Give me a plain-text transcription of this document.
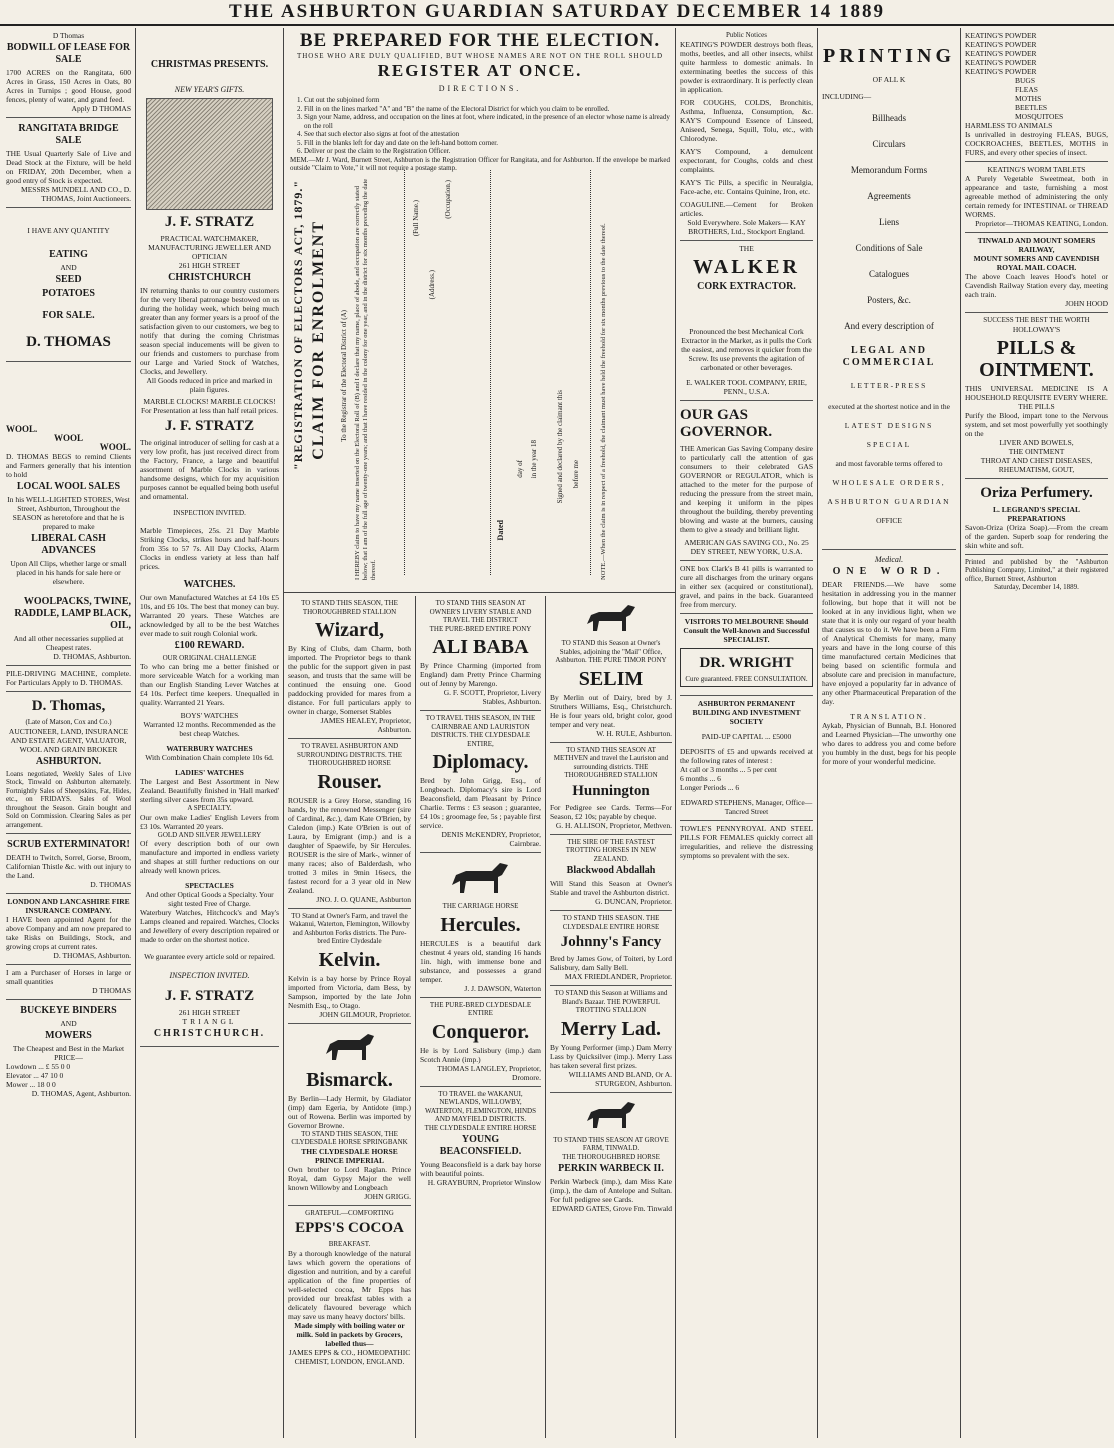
THE ASHBURTON GUARDIAN SATURDAY DECEMBER 14 1889
D Thomas
BODWILL OF LEASE FOR SALE
1700 ACRES on the Rangitata, 600 Acres in Grass, 150 Acres in Oats, 80 Acres in Turnips ; good House, good fences, plenty of water, and grand feed.
Apply D THOMAS
RANGITATA BRIDGE SALE
THE Usual Quarterly Sale of Live and Dead Stock at the Fixture, will be held on FRIDAY, 20th December, when a good entry of Stock is expected.
MESSRS MUNDELL AND CO., D. THOMAS, Joint Auctioneers.
I HAVE ANY QUANTITY
EATING
AND
SEED
POTATOES
FOR SALE.
D. THOMAS
WOOL.
WOOL
WOOL.
D. THOMAS BEGS to remind Clients and Farmers generally that his intention to hold
LOCAL WOOL SALES
In his WELL-LIGHTED STORES, West Street, Ashburton, Throughout the SEASON as heretofore and that he is prepared to make
LIBERAL CASH ADVANCES
Upon All Clips, whether large or small placed in his hands for sale here or elsewhere.
WOOLPACKS, TWINE, RADDLE, LAMP BLACK, OIL,
And all other necessaries supplied at Cheapest rates.
D. THOMAS, Ashburton.
PILE-DRIVING MACHINE, complete. For Particulars Apply to D. THOMAS.
D. Thomas,
(Late of Matson, Cox and Co.)
AUCTIONEER, LAND, INSURANCE AND ESTATE AGENT, VALUATOR, WOOL AND GRAIN BROKER
ASHBURTON.
Loans negotiated, Weekly Sales of Live Stock, Tinwald on Ashburton alternately. Fortnightly Sales of Sheepskins, Fat, Hides, etc., on FRIDAYS. Sales of Wool throughout the Season. Grain bought and Sold on Commission. Clearing Sales as per arrangement.
SCRUB EXTERMINATOR!
DEATH to Twitch, Sorrel, Gorse, Broom, Californian Thistle &c. with out injury to the Land.
D. THOMAS
LONDON AND LANCASHIRE FIRE INSURANCE COMPANY.
I HAVE been appointed Agent for the above Company and am now prepared to take Risks on Buildings, Stock, and growing crops at current rates.
D. THOMAS, Ashburton.
I am a Purchaser of Horses in large or small quantities
D THOMAS
BUCKEYE BINDERS
AND
MOWERS
The Cheapest and Best in the Market
PRICE—
Lowdown ... £ 55 0 0
Elevator ... 47 10 0
Mower ... 18 0 0
D. THOMAS, Agent, Ashburton.
CHRISTMAS PRESENTS.
NEW YEAR'S GIFTS.
J. F. STRATZ
PRACTICAL WATCHMAKER, MANUFACTURING JEWELLER AND OPTICIAN
261 HIGH STREET
CHRISTCHURCH
IN returning thanks to our country customers for the very liberal patronage bestowed on us during the holiday week, which being much greater than any former years is a proof of the satisfaction given to our customers, we beg to notify that during the coming Christmas season special inducements will be given to our friends and customers to purchase from our Large and Varied Stock of Watches, Clocks, and Jewellery.
All Goods reduced in price and marked in plain figures.
MARBLE CLOCKS! MARBLE CLOCKS!
For Presentation at less than half retail prices.
J. F. STRATZ
The original introducer of selling for cash at a very low profit, has just received direct from the Factory, France, a large and beautiful assortment of Marble Clocks in various handsome designs, which for my acquisition purposes cannot be equalled being both useful and ornamental.
INSPECTION INVITED.
Marble Timepieces, 25s. 21 Day Marble Striking Clocks, strikes hours and half-hours from 35s to 57 7s. All Day Clocks, Alarm Clocks in endless variety at less than half prices.
WATCHES.
Our own Manufactured Watches at £4 10s £5 10s, and £6 10s. The best that money can buy. Warranted 20 years. These Watches are acknowledged by all to be the best Watches ever made to suit rough Colonial work.
£100 REWARD.
OUR ORIGINAL CHALLENGE
To who can bring me a better finished or more serviceable Watch for a working man than our English Standing Lever Watches at £4 10s. Perfect time keepers. Unequalled in quality. Warranted 21 Years.
BOYS' WATCHES
Warranted 12 months. Recommended as the best cheap Watches.
WATERBURY WATCHES
With Combination Chain complete 10s 6d.
LADIES' WATCHES
The Largest and Best Assortment in New Zealand. Beautifully finished in 'Hall marked' sterling silver cases from 35s upward.
A SPECIALTY.
Our own make Ladies' English Levers from £3 10s. Warranted 20 years.
GOLD AND SILVER JEWELLERY
Of every description both of our own manufacture and imported in endless variety and shapes at still further reductions on our already well known prices.
SPECTACLES
And other Optical Goods a Specialty. Your sight tested Free of Charge.
Waterbury Watches, Hitchcock's and May's Lamps cleaned and repaired. Watches, Clocks and Jewellery of every description repaired or made to order on the shortest notice.
We guarantee every article sold or repaired.
INSPECTION INVITED.
J. F. STRATZ
261 HIGH STREET
TRIANGL
CHRISTCHURCH.
BE PREPARED FOR THE ELECTION.
THOSE WHO ARE DULY QUALIFIED, BUT WHOSE NAMES ARE NOT ON THE ROLL SHOULD
REGISTER AT ONCE.
DIRECTIONS.
1. Cut out the subjoined form
2. Fill in on the lines marked "A" and "B" the name of the Electoral District for which you claim to be enrolled.
3. Sign your Name, address, and occupation on the lines at foot, where indicated, in the presence of an elector whose name is already on the roll
4. See that such elector also signs at foot of the attestation
5. Fill in the blanks left for day and date on the left-hand bottom corner.
6. Deliver or post the claim to the Registration Officer.
MEM.—Mr J. Ward, Burnett Street, Ashburton is the Registration Officer for Rangitata, and for Ashburton. If the envelope be marked outside "Claim to Vote," it will not require a postage stamp.
"REGISTRATION OF ELECTORS ACT, 1879." CLAIM FOR ENROLMENT To the Registrar of the Electoral District of (A) I HEREBY claim to have my name inserted on the Electoral Roll of (B) and I declare that my name, place of abode, and occupation are correctly stated below; that I am of the full age of twenty-one years; and that I have resided in the colony for one year, and in the district for six months preceding the date thereof.
(Full Name.)
(Address.)
(Occupation.)
Dated
day of in the year 18	Signed and declared by the claimant this before me	NOTE.—When the claim is in respect of a freehold, the claimant must have held the freehold for six months previous to the date thereof.
TO STAND THIS SEASON, THE THOROUGHBRED STALLION
Wizard,
By King of Clubs, dam Charm, both imported. The Proprietor begs to thank the public for the support given in past season, and trusts that the same will be continued the ensuing one. Good paddocking provided for mares from a distance. For full particulars apply to owner in charge, Somerset Stables
JAMES HEALEY, Proprietor, Ashburton.
TO TRAVEL ASHBURTON AND SURROUNDING DISTRICTS. THE THOROUGHBRED HORSE
Rouser.
ROUSER is a Grey Horse, standing 16 hands, by the renowned Messenger (sire of Cardinal, &c.), dam Kate O'Brien, by Caledon (imp.) Kate O'Brien is out of Laura, by Emigrant (imp.) and is a daughter of Spaewife, by Sir Hercules. ROUSER is the sire of Mark-, winner of many races; also of Balderdash, who trotted 3 miles in 9min 16secs, the fastest record for a 3 year old in New Zealand.
JNO. J. O. QUANE, Ashburton
TO Stand at Owner's Farm, and travel the Wakanui, Waterton, Flemington, Willowby and Ashburton Forks districts. The Pure-bred Entire Clydesdale
Kelvin.
Kelvin is a bay horse by Prince Royal imported from Victoria, dam Bess, by Sampson, imported by the late John Nesmith Esq., to Otago.
JOHN GILMOUR, Proprietor.
Bismarck.
By Berlin—Lady Hermit, by Gladiator (imp) dam Egeria, by Antidote (imp.) out of Rowena. Berlin was imported by Governor Browne.
TO STAND THIS SEASON, THE CLYDESDALE HORSE SPRINGBANK
THE CLYDESDALE HORSE PRINCE IMPERIAL
Own brother to Lord Raglan. Prince Royal, dam Gypsy Major the well known Willowby and Longbeach
JOHN GRIGG.
GRATEFUL—COMFORTING
EPPS'S COCOA
BREAKFAST.
By a thorough knowledge of the natural laws which govern the operations of digestion and nutrition, and by a careful application of the fine properties of well-selected cocoa, Mr Epps has provided our breakfast tables with a delicately flavoured beverage which may save us many heavy doctors' bills.
Made simply with boiling water or milk. Sold in packets by Grocers, labelled thus—
JAMES EPPS & CO., HOMEOPATHIC CHEMIST, LONDON, ENGLAND.
TO STAND THIS SEASON AT OWNER'S LIVERY STABLE AND TRAVEL THE DISTRICT
THE PURE-BRED ENTIRE PONY
ALI BABA
By Prince Charming (imported from England) dam Pretty Prince Charming out of Jenny by Marengo.
G. F. SCOTT, Proprietor, Livery Stables, Ashburton.
TO TRAVEL THIS SEASON, IN THE CAIRNBRAE AND LAURISTON DISTRICTS. THE CLYDESDALE ENTIRE,
Diplomacy.
Bred by John Grigg, Esq., of Longbeach. Diplomacy's sire is Lord Beaconsfield, dam Pleasant by Prince Charlie. Terms : £3 season ; guarantee, £4 10s ; groomage fee, 5s ; payable first service.
DENIS McKENDRY, Proprietor, Cairnbrae.
THE CARRIAGE HORSE
Hercules.
HERCULES is a beautiful dark chestnut 4 years old, standing 16 hands 1in. high, with immense bone and substance, and possesses a grand temper.
J. J. DAWSON, Waterton
THE PURE-BRED CLYDESDALE ENTIRE
Conqueror.
He is by Lord Salisbury (imp.) dam Scotch Annie (imp.)
THOMAS LANGLEY, Proprietor, Dromore.
TO TRAVEL the WAKANUI, NEWLANDS, WILLOWBY, WATERTON, FLEMINGTON, HINDS AND MAYFIELD DISTRICTS.
THE CLYDESDALE ENTIRE HORSE
YOUNG BEACONSFIELD.
Young Beaconsfield is a dark bay horse with beautiful points.
H. GRAYBURN, Proprietor Winslow
TO STAND this Season at Owner's Stables, adjoining the "Mail" Office, Ashburton. THE PURE TIMOR PONY
SELIM
By Merlin out of Dairy, bred by J. Struthers Williams, Esq., Christchurch. He is four years old, bright color, good temper and very neat.
W. H. RULE, Ashburton.
TO STAND THIS SEASON AT METHVEN and travel the Lauriston and surrounding districts. THE THOROUGHBRED STALLION
Hunnington
For Pedigree see Cards. Terms—For Season, £2 10s; payable by cheque.
G. H. ALLISON, Proprietor, Methven.
THE SIRE OF THE FASTEST TROTTING HORSES IN NEW ZEALAND.
Blackwood Abdallah
Will Stand this Season at Owner's Stable and travel the Ashburton district.
G. DUNCAN, Proprietor.
TO STAND THIS SEASON. THE CLYDESDALE ENTIRE HORSE
Johnny's Fancy
Bred by James Gow, of Toiteri, by Lord Salisbury, dam Sally Bell.
MAX FRIEDLANDER, Proprietor.
TO STAND this Season at Williams and Bland's Bazaar. THE POWERFUL TROTTING STALLION
Merry Lad.
By Young Performer (imp.) Dam Merry Lass by Quicksilver (imp.). Merry Lass has taken several first prizes.
WILLIAMS AND BLAND, Or A. STURGEON, Ashburton.
TO STAND THIS SEASON AT GROVE FARM, TINWALD.
THE THOROUGHBRED HORSE
PERKIN WARBECK II.
Perkin Warbeck (imp.), dam Miss Kate (imp.), the dam of Antelope and Sultan. For full pedigree see Cards.
EDWARD GATES, Grove Fm. Tinwald
Public Notices
KEATING'S POWDER destroys both fleas, moths, beetles, and all other insects, whilst quite harmless to domestic animals. In exterminating beetles the success of this powder is extraordinary. It is perfectly clean in application.
FOR COUGHS, COLDS, Bronchitis, Asthma, Influenza, Consumption, &c. KAY'S Compound Essence of Linseed, Aniseed, Senega, Squill, Tolu, etc., with Chlorodyne.
KAY'S Compound, a demulcent expectorant, for Coughs, colds and chest complaints.
KAY'S Tic Pills, a specific in Neuralgia, Face-ache, etc. Contains Quinine, Iron, etc.
COAGULINE.—Cement for Broken articles.
Sold Everywhere. Sole Makers— KAY BROTHERS, Ltd., Stockport England.
THE
WALKER
CORK EXTRACTOR.
Pronounced the best Mechanical Cork Extractor in the Market, as it pulls the Cork the easiest, and removes it quicker from the Screw. Its use prevents the agitation of carbonated or other beverages.
E. WALKER TOOL COMPANY, ERIE, PENN., U.S.A.
OUR GAS GOVERNOR.
THE American Gas Saving Company desire to particularly call the attention of gas consumers to their celebrated GAS GOVERNOR or REGULATOR, which is attached to the meter for the purpose of reducing the pressure from the street main, and keeping it uniform in the pipes throughout the building, thereby preventing blowing and waste at the burners, causing them to give a steady and brilliant light.
AMERICAN GAS SAVING CO., No. 25 DEY STREET, NEW YORK, U.S.A.
ONE box Clark's B 41 pills is warranted to cure all discharges from the urinary organs in either sex (acquired or constitutional), gravel, and pains in the back. Guaranteed free from mercury.
VISITORS TO MELBOURNE Should Consult the Well-known and Successful SPECIALIST.
DR. WRIGHT
Cure guaranteed. FREE CONSULTATION.
ASHBURTON PERMANENT BUILDING AND INVESTMENT SOCIETY
PAID-UP CAPITAL ... £5000
DEPOSITS of £5 and upwards received at the following rates of interest :
At call or 3 months ... 5 per cent
6 months ... 6
Longer Periods ... 6
EDWARD STEPHENS, Manager, Office—Tancred Street
TOWLE'S PENNYROYAL AND STEEL PILLS FOR FEMALES quickly correct all irregularities, and relieve the distressing symptoms so prevalent with the sex.
PRINTING
OF ALL K
INCLUDING—
Billheads
Circulars
Memorandum Forms
Agreements
Liens
Conditions of Sale
Catalogues
Posters, &c.
And every description of
LEGAL AND COMMERCIAL
LETTER-PRESS
executed at the shortest notice and in the
LATEST DESIGNS
SPECIAL
and most favorable terms offered to
WHOLESALE ORDERS,
ASHBURTON GUARDIAN
OFFICE
Medical.
ONE WORD.
DEAR FRIENDS.—We have some hesitation in addressing you in the manner following, but hope that it will not be looked at in any invidious light, when we state that it is only our regard of your health that causes us to do it. We have been a Firm of Analytical Chemists for many, many years and have in the long course of this time manufactured certain Medicines that being based on scientific formula and absolute care and precision in manufacture, have enjoyed a popularity far in advance of any other Pharmaceutical Preparation of the day.
TRANSLATION.
Aykab, Physician of Bunnah, B.I. Honored and Learned Physician—The unworthy one who dares to address you and come before you humbly in the dust, begs for his people for more of your wonderful medicine.
KEATING'S POWDER
KEATING'S POWDER
KEATING'S POWDER
KEATING'S POWDER
KEATING'S POWDER
BUGS
FLEAS
MOTHS
BEETLES
MOSQUITOES
HARMLESS TO ANIMALS
Is unrivalled in destroying FLEAS, BUGS, COCKROACHES, BEETLES, MOTHS in FURS, and every other species of insect.
KEATING'S WORM TABLETS
A Purely Vegetable Sweetmeat, both in appearance and taste, furnishing a most agreeable method of administering the only certain remedy for INTESTINAL or THREAD WORMS.
Proprietor—THOMAS KEATING, London.
TINWALD AND MOUNT SOMERS RAILWAY,
MOUNT SOMERS AND CAVENDISH ROYAL MAIL COACH.
The above Coach leaves Hood's hotel or Cavendish Railway Station every day, meeting each train.
JOHN HOOD
SUCCESS THE BEST THE WORTH
HOLLOWAY'S
PILLS & OINTMENT.
THIS UNIVERSAL MEDICINE IS A HOUSEHOLD REQUISITE EVERY WHERE.
THE PILLS
Purify the Blood, impart tone to the Nervous system, and set most powerfully yet soothingly on the
LIVER AND BOWELS,
THE OINTMENT
THROAT AND CHEST DISEASES,
RHEUMATISM, GOUT,
Oriza Perfumery.
L. LEGRAND'S SPECIAL PREPARATIONS
Savon-Oriza (Oriza Soap).—From the cream of the garden. Superb soap for rendering the skin white and soft.
Printed and published by the "Ashburton Publishing Company, Limited," at their registered office, Burnett Street, Ashburton
Saturday, December 14, 1889.
